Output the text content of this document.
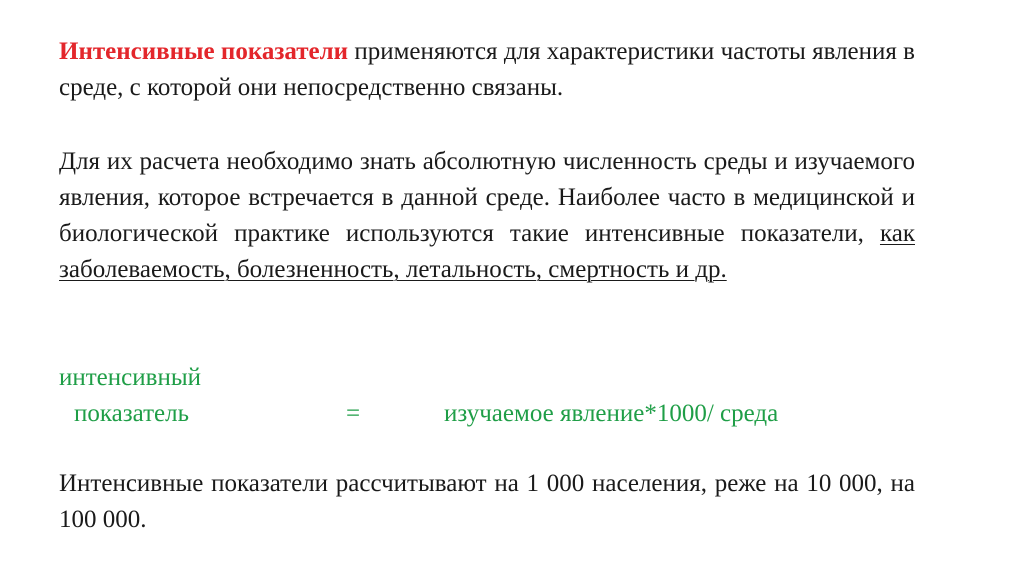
Интенсивные показатели применяются для характеристики частоты явления в среде, с которой они непосредственно связаны.
Для их расчета необходимо знать абсолютную численность среды и изучаемого явления, которое встречается в данной среде. Наиболее часто в медицинской и биологической практике используются такие интенсивные показатели, как заболеваемость, болезненность, летальность, смертность и др.
интенсивный
показатель	=	изучаемое явление*1000/ среда
Интенсивные показатели рассчитывают на 1 000 населения, реже на 10 000, на 100 000.
